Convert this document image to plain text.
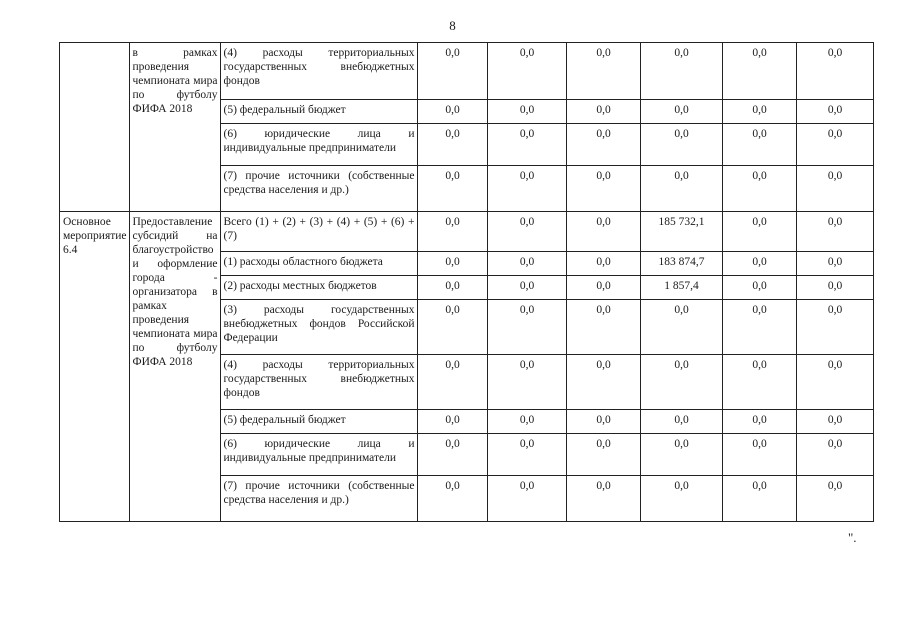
8
	в рамках проведения чемпионата мира по футболу ФИФА 2018	(4) расходы территориальных государственных внебюджетных фондов	0,0	0,0	0,0	0,0	0,0	0,0
		(5) федеральный бюджет	0,0	0,0	0,0	0,0	0,0	0,0
		(6) юридические лица и индивидуальные предприниматели	0,0	0,0	0,0	0,0	0,0	0,0
		(7) прочие источники (собственные средства населения и др.)	0,0	0,0	0,0	0,0	0,0	0,0
Основное мероприятие 6.4	Предоставление субсидий на благоустройство и оформление города - организатора в рамках проведения чемпионата мира по футболу ФИФА 2018	Всего (1) + (2) + (3) + (4) + (5) + (6) + (7)	0,0	0,0	0,0	185 732,1	0,0	0,0
		(1) расходы областного бюджета	0,0	0,0	0,0	183 874,7	0,0	0,0
		(2) расходы местных бюджетов	0,0	0,0	0,0	1 857,4	0,0	0,0
		(3) расходы государственных внебюджетных фондов Российской Федерации	0,0	0,0	0,0	0,0	0,0	0,0
		(4) расходы территориальных государственных внебюджетных фондов	0,0	0,0	0,0	0,0	0,0	0,0
		(5) федеральный бюджет	0,0	0,0	0,0	0,0	0,0	0,0
		(6) юридические лица и индивидуальные предприниматели	0,0	0,0	0,0	0,0	0,0	0,0
		(7) прочие источники (собственные средства населения и др.)	0,0	0,0	0,0	0,0	0,0	0,0
".
